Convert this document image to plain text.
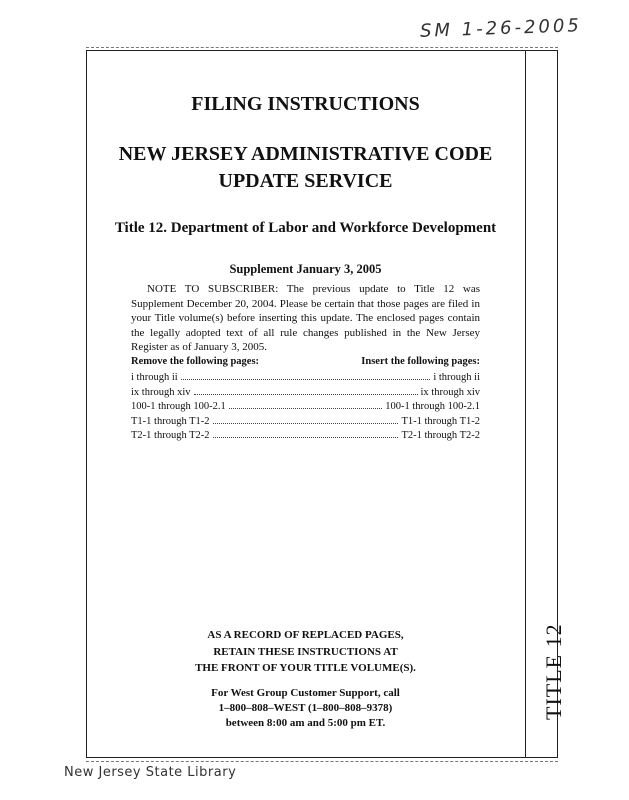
SM 1-26-2005
TITLE 12
FILING INSTRUCTIONS
NEW JERSEY ADMINISTRATIVE CODE
UPDATE SERVICE
Title 12. Department of Labor and Workforce Development
Supplement January 3, 2005
NOTE TO SUBSCRIBER: The previous update to Title 12 was Supplement December 20, 2004. Please be certain that those pages are filed in your Title volume(s) before inserting this update. The enclosed pages contain the legally adopted text of all rule changes published in the New Jersey Register as of January 3, 2005.
Remove the following pages:	Insert the following pages:
i through ii	i through ii
ix through xiv	ix through xiv
100-1 through 100-2.1	100-1 through 100-2.1
T1-1 through T1-2	T1-1 through T1-2
T2-1 through T2-2	T2-1 through T2-2
AS A RECORD OF REPLACED PAGES,
RETAIN THESE INSTRUCTIONS AT
THE FRONT OF YOUR TITLE VOLUME(S).
For West Group Customer Support, call
1–800–808–WEST (1–800–808–9378)
between 8:00 am and 5:00 pm ET.
New Jersey State Library
